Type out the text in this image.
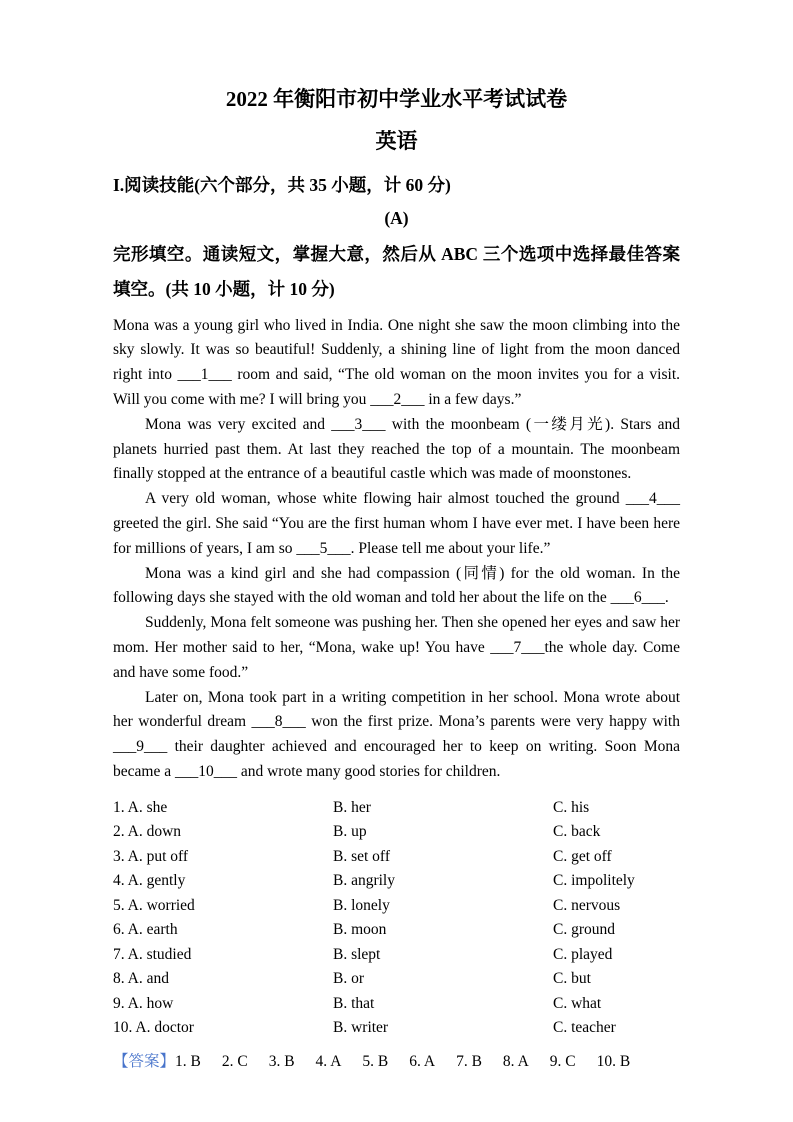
2022 年衡阳市初中学业水平考试试卷
英语
I.阅读技能(六个部分，共 35 小题，计 60 分)
(A)
完形填空。通读短文，掌握大意，然后从 ABC 三个选项中选择最佳答案填空。(共 10 小题，计 10 分)

Mona was a young girl who lived in India. One night she saw the moon climbing into the sky slowly. It was so beautiful! Suddenly, a shining line of light from the moon danced right into ___1___ room and said, “The old woman on the moon invites you for a visit. Will you come with me? I will bring you ___2___ in a few days.”

Mona was very excited and ___3___ with the moonbeam (一缕月光). Stars and planets hurried past them. At last they reached the top of a mountain. The moonbeam finally stopped at the entrance of a beautiful castle which was made of moonstones.

A very old woman, whose white flowing hair almost touched the ground ___4___ greeted the girl. She said “You are the first human whom I have ever met. I have been here for millions of years, I am so ___5___. Please tell me about your life.”

Mona was a kind girl and she had compassion (同情) for the old woman. In the following days she stayed with the old woman and told her about the life on the ___6___.

Suddenly, Mona felt someone was pushing her. Then she opened her eyes and saw her mom. Her mother said to her, “Mona, wake up! You have ___7___the whole day. Come and have some food.”

Later on, Mona took part in a writing competition in her school. Mona wrote about her wonderful dream ___8___ won the first prize. Mona’s parents were very happy with ___9___ their daughter achieved and encouraged her to keep on writing. Soon Mona became a ___10___ and wrote many good stories for children.

1. A. she	B. her	C. his
2. A. down	B. up	C. back
3. A. put off	B. set off	C. get off
4. A. gently	B. angrily	C. impolitely
5. A. worried	B. lonely	C. nervous
6. A. earth	B. moon	C. ground
7. A. studied	B. slept	C. played
8. A. and	B. or	C. but
9. A. how	B. that	C. what
10. A. doctor	B. writer	C. teacher
【答案】1. B 2. C 3. B 4. A 5. B 6. A 7. B 8. A 9. C 10. B
